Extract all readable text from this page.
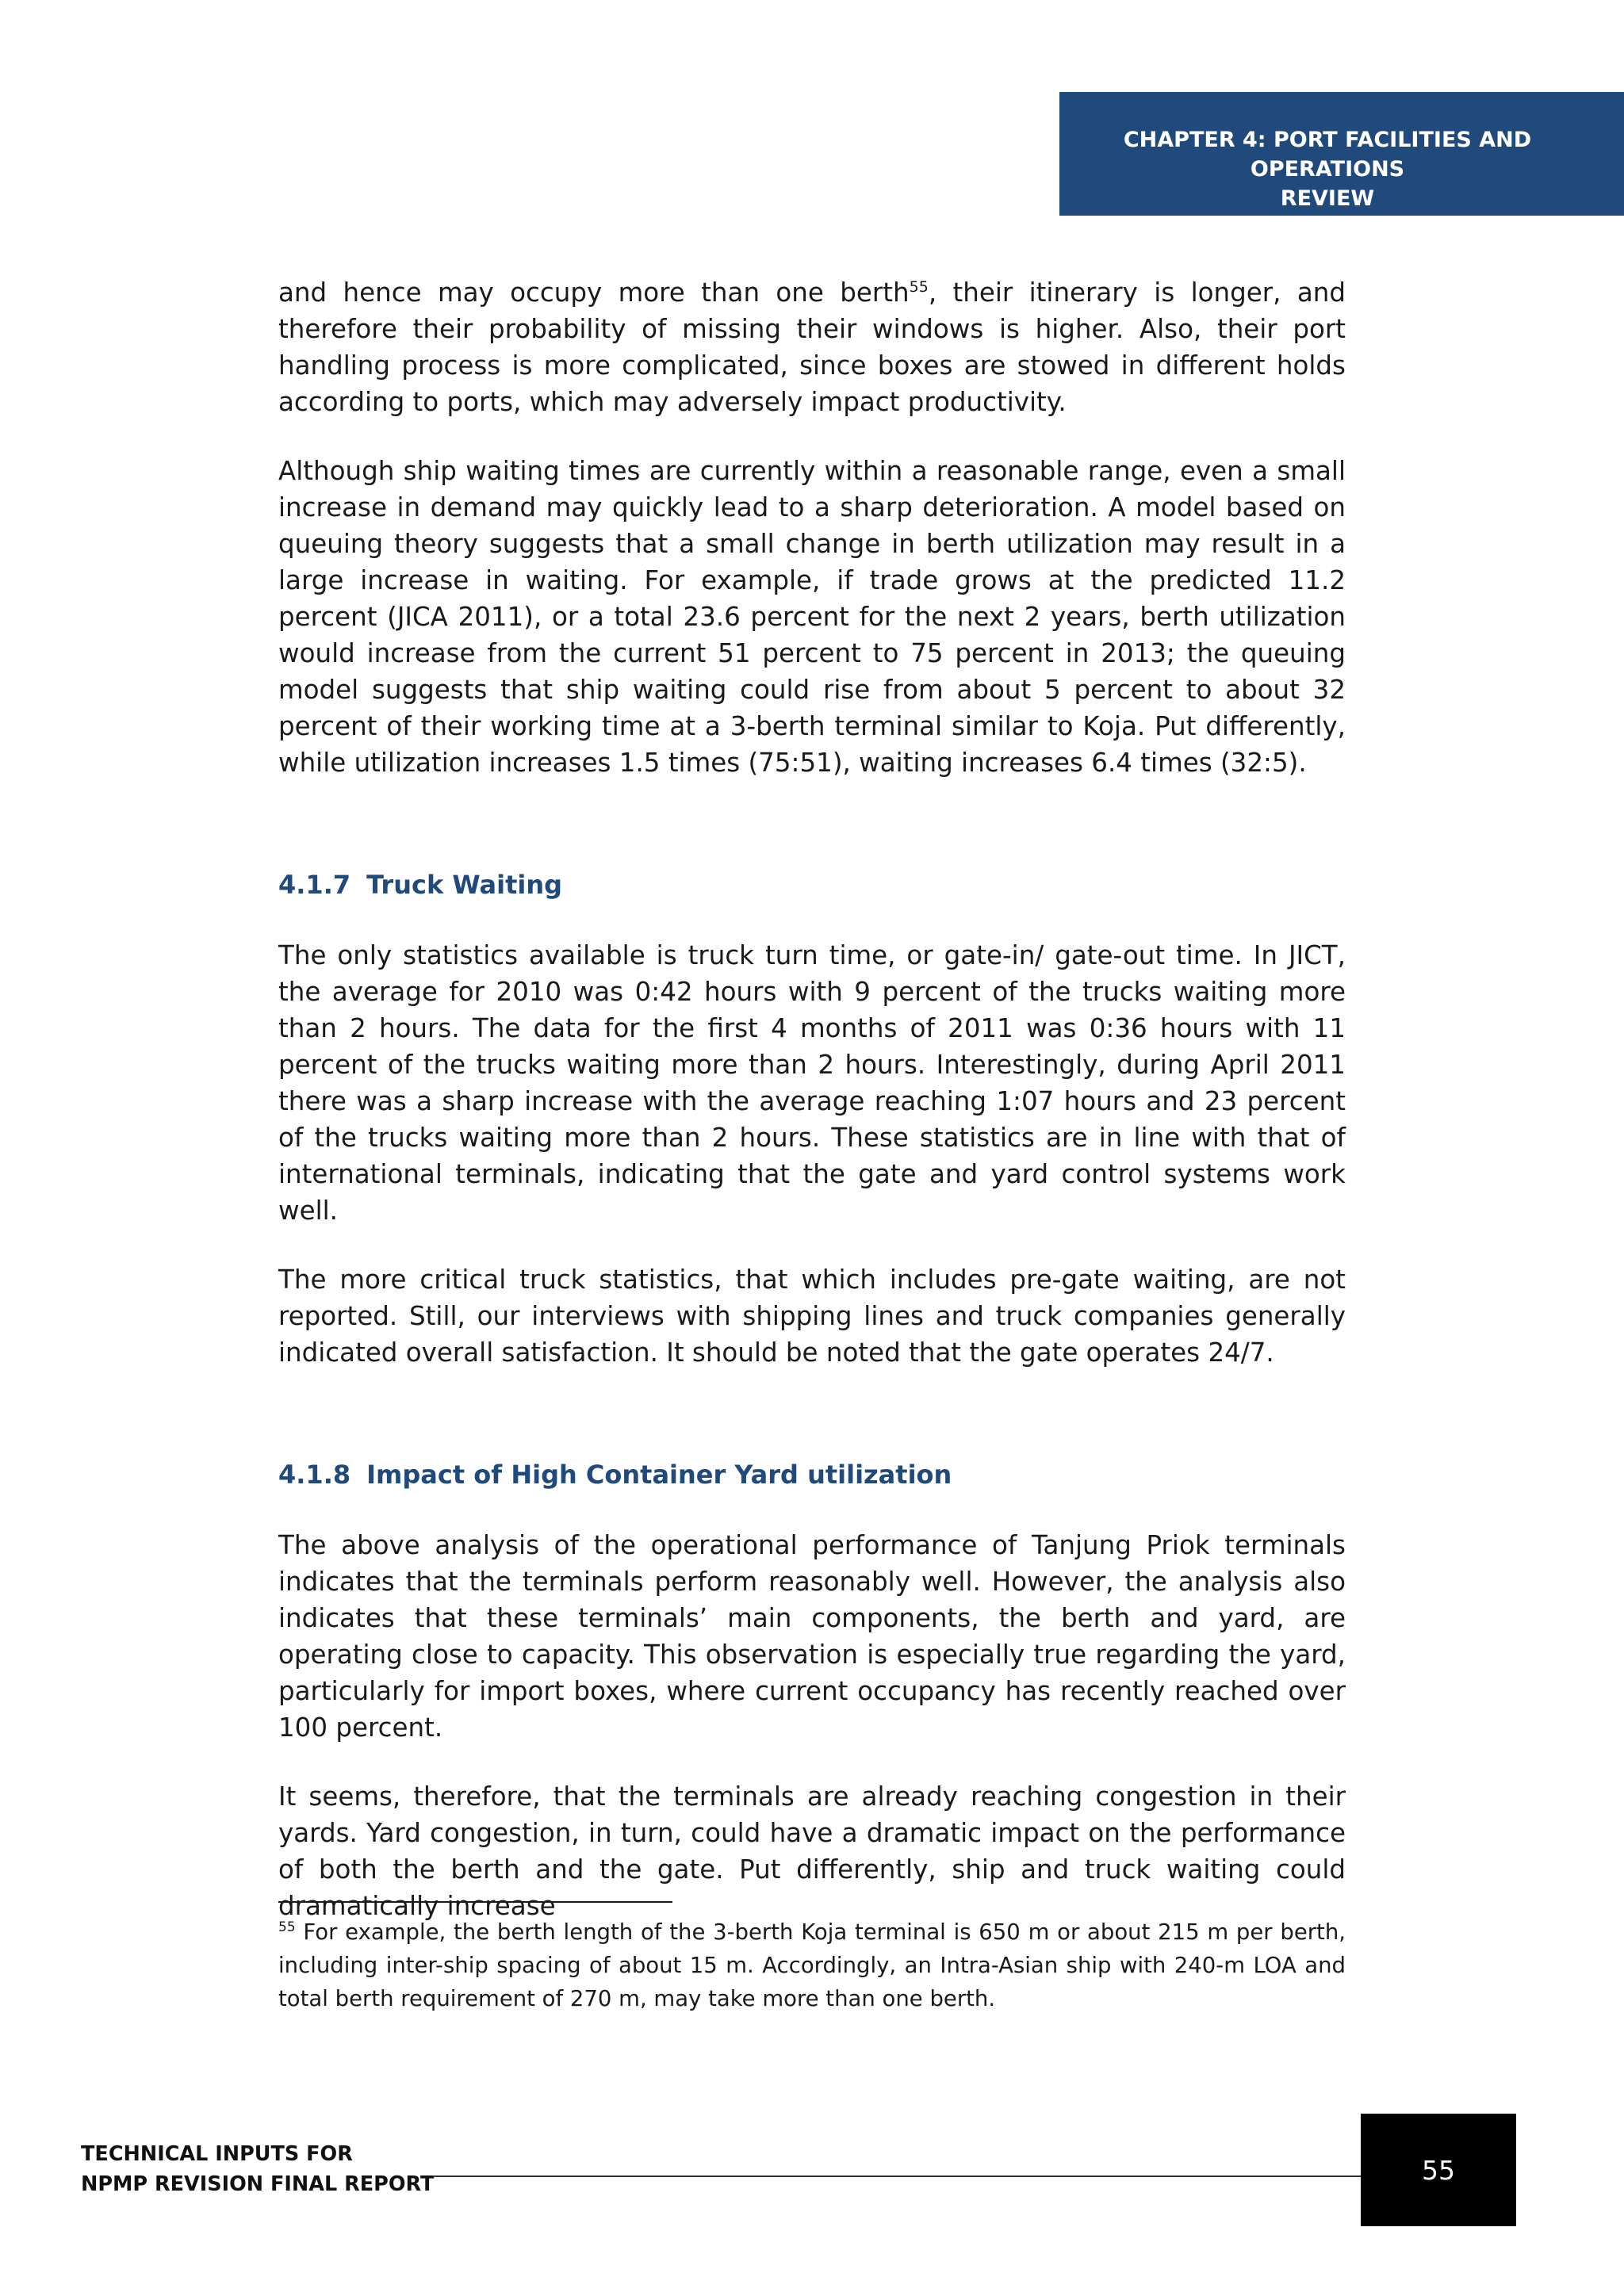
CHAPTER 4: PORT FACILITIES AND OPERATIONS
REVIEW

and hence may occupy more than one berth$^{55}$, their itinerary is longer, and therefore their probability of missing their windows is higher. Also, their port handling process is more complicated, since boxes are stowed in different holds according to ports, which may adversely impact productivity.

Although ship waiting times are currently within a reasonable range, even a small increase in demand may quickly lead to a sharp deterioration. A model based on queuing theory suggests that a small change in berth utilization may result in a large increase in waiting. For example, if trade grows at the predicted 11.2 percent (JICA 2011), or a total 23.6 percent for the next 2 years, berth utilization would increase from the current 51 percent to 75 percent in 2013; the queuing model suggests that ship waiting could rise from about 5 percent to about 32 percent of their working time at a 3-berth terminal similar to Koja. Put differently, while utilization increases 1.5 times (75:51), waiting increases 6.4 times (32:5).

4.1.7 Truck Waiting

The only statistics available is truck turn time, or gate-in/ gate-out time. In JICT, the average for 2010 was 0:42 hours with 9 percent of the trucks waiting more than 2 hours. The data for the first 4 months of 2011 was 0:36 hours with 11 percent of the trucks waiting more than 2 hours. Interestingly, during April 2011 there was a sharp increase with the average reaching 1:07 hours and 23 percent of the trucks waiting more than 2 hours. These statistics are in line with that of international terminals, indicating that the gate and yard control systems work well.

The more critical truck statistics, that which includes pre-gate waiting, are not reported. Still, our interviews with shipping lines and truck companies generally indicated overall satisfaction. It should be noted that the gate operates 24/7.

4.1.8 Impact of High Container Yard utilization

The above analysis of the operational performance of Tanjung Priok terminals indicates that the terminals perform reasonably well. However, the analysis also indicates that these terminals’ main components, the berth and yard, are operating close to capacity. This observation is especially true regarding the yard, particularly for import boxes, where current occupancy has recently reached over 100 percent.

It seems, therefore, that the terminals are already reaching congestion in their yards. Yard congestion, in turn, could have a dramatic impact on the performance of both the berth and the gate. Put differently, ship and truck waiting could dramatically increase

$^{55}$ For example, the berth length of the 3-berth Koja terminal is 650 m or about 215 m per berth, including inter-ship spacing of about 15 m. Accordingly, an Intra-Asian ship with 240-m LOA and total berth requirement of 270 m, may take more than one berth.
TECHNICAL INPUTS FOR
NPMP REVISION FINAL REPORT	55
